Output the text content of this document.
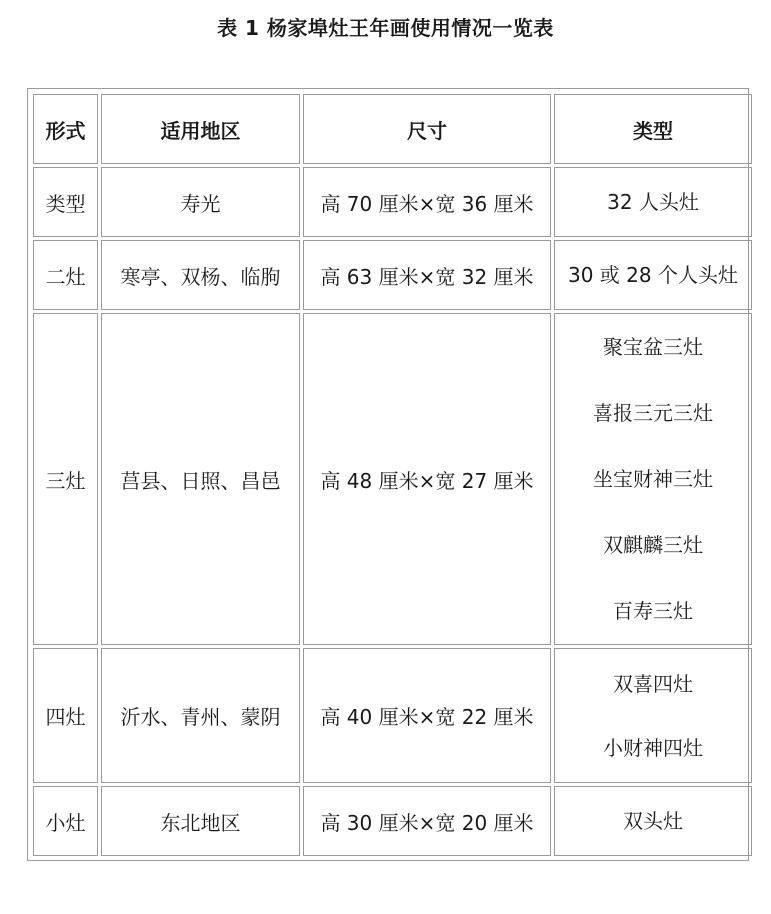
表 1 杨家埠灶王年画使用情况一览表
形式	适用地区	尺寸	类型
类型	寿光	高 70 厘米×宽 36 厘米	32 人头灶

二灶	寒亭、双杨、临朐	高 63 厘米×宽 32 厘米	30 或 28 个人头灶

三灶	莒县、日照、昌邑	高 48 厘米×宽 27 厘米	聚宝盆三灶
喜报三元三灶
坐宝财神三灶
双麒麟三灶
百寿三灶

四灶	沂水、青州、蒙阴	高 40 厘米×宽 22 厘米	双喜四灶
小财神四灶

小灶	东北地区	高 30 厘米×宽 20 厘米	双头灶
